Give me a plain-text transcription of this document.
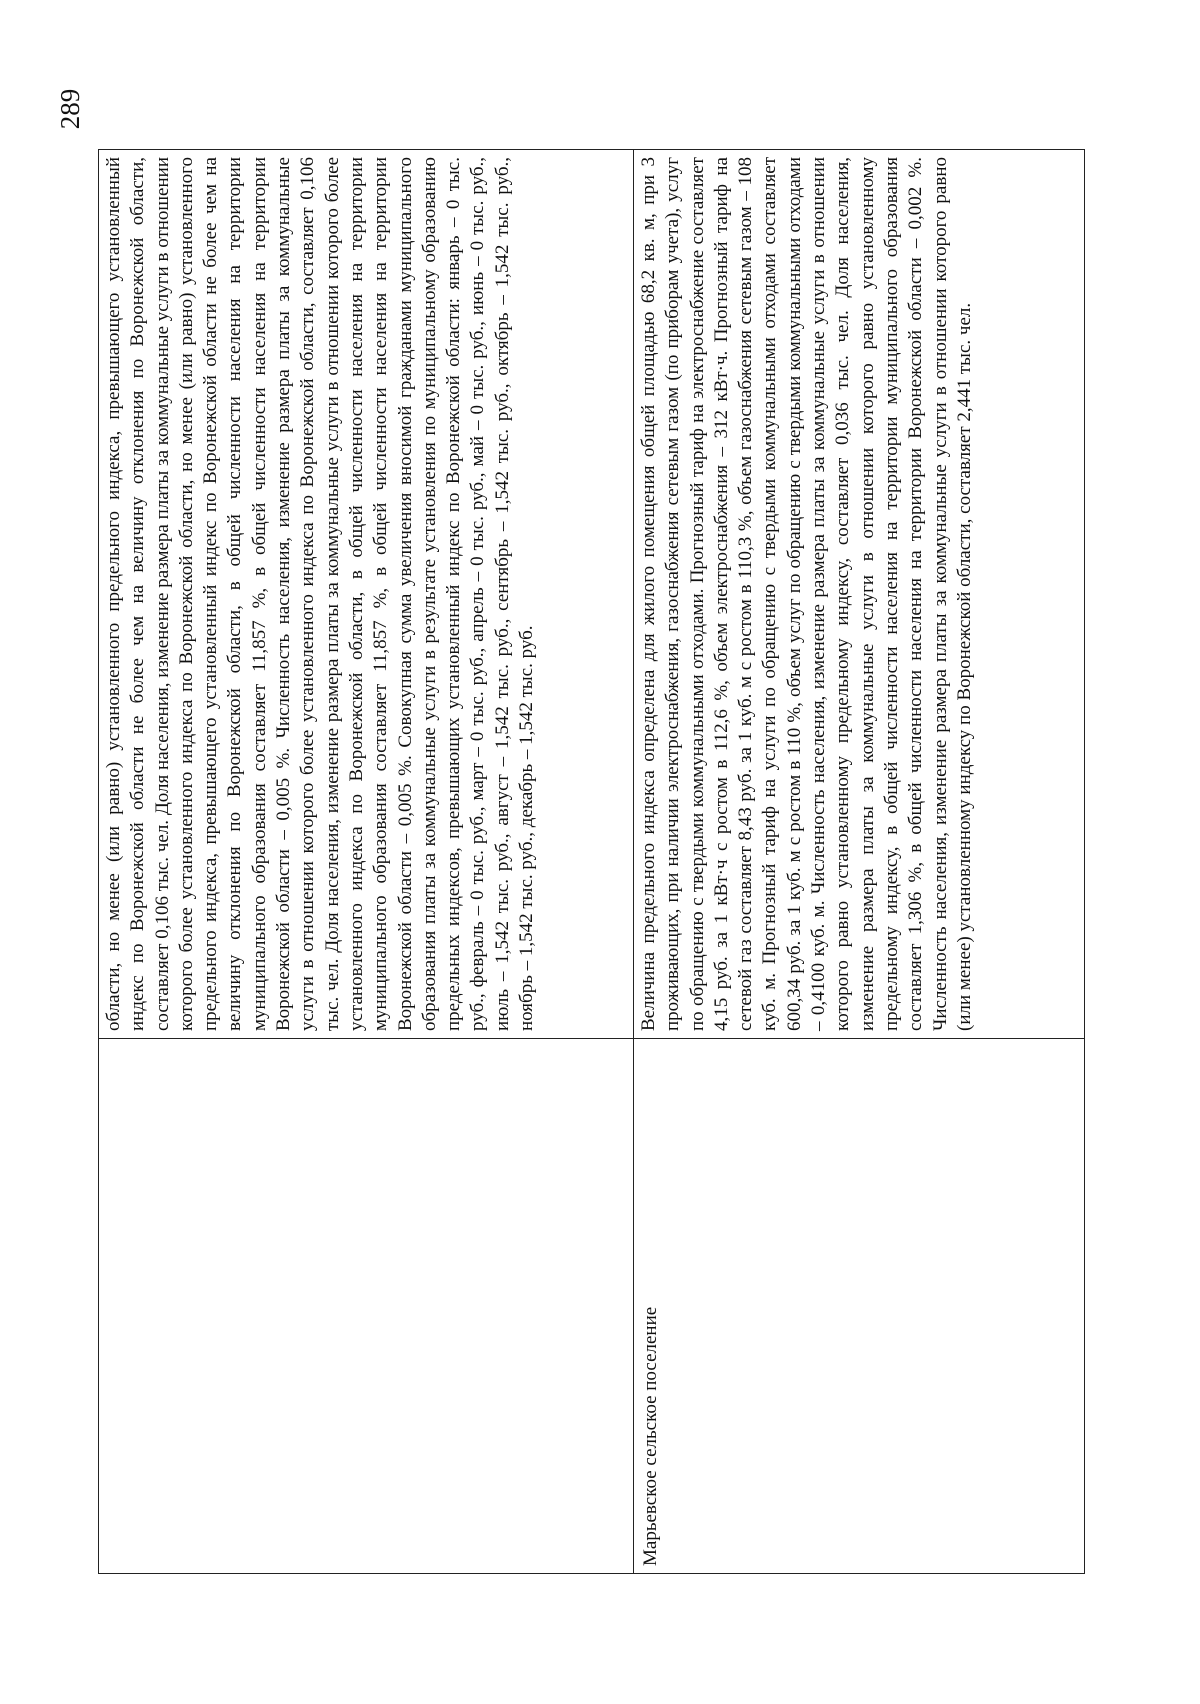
289
	области, но менее (или равно) установленного предельного индекса, превышающего установленный индекс по Воронежской области не более чем на величину отклонения по Воронежской области, составляет 0,106 тыс. чел. Доля населения, изменение размера платы за коммунальные услуги в отношении которого более установленного индекса по Воронежской области, но менее (или равно) установленного предельного индекса, превышающего установленный индекс по Воронежской области не более чем на величину отклонения по Воронежской области, в общей численности населения на территории муниципального образования составляет 11,857 %, в общей численности населения на территории Воронежской области – 0,005 %. Численность населения, изменение размера платы за коммунальные услуги в отношении которого более установленного индекса по Воронежской области, составляет 0,106 тыс. чел. Доля населения, изменение размера платы за коммунальные услуги в отношении которого более установленного индекса по Воронежской области, в общей численности населения на территории муниципального образования составляет 11,857 %, в общей численности населения на территории Воронежской области – 0,005 %. Совокупная сумма увеличения вносимой гражданами муниципального образования платы за коммунальные услуги в результате установления по муниципальному образованию предельных индексов, превышающих установленный индекс по Воронежской области: январь – 0 тыс. руб., февраль – 0 тыс. руб., март – 0 тыс. руб., апрель – 0 тыс. руб., май – 0 тыс. руб., июнь – 0 тыс. руб., июль – 1,542 тыс. руб., август – 1,542 тыс. руб., сентябрь – 1,542 тыс. руб., октябрь – 1,542 тыс. руб., ноябрь – 1,542 тыс. руб., декабрь – 1,542 тыс. руб.
Марьевское сельское поселение	Величина предельного индекса определена для жилого помещения общей площадью 68,2 кв. м, при 3 проживающих, при наличии электроснабжения, газоснабжения сетевым газом (по приборам учета), услуг по обращению с твердыми коммунальными отходами. Прогнозный тариф на электроснабжение составляет 4,15 руб. за 1 кВт·ч с ростом в 112,6 %, объем электроснабжения – 312 кВт·ч. Прогнозный тариф на сетевой газ составляет 8,43 руб. за 1 куб. м с ростом в 110,3 %, объем газоснабжения сетевым газом – 108 куб. м. Прогнозный тариф на услуги по обращению с твердыми коммунальными отходами составляет 600,34 руб. за 1 куб. м с ростом в 110 %, объем услуг по обращению с твердыми коммунальными отходами – 0,4100 куб. м. Численность населения, изменение размера платы за коммунальные услуги в отношении которого равно установленному предельному индексу, составляет 0,036 тыс. чел. Доля населения, изменение размера платы за коммунальные услуги в отношении которого равно установленному предельному индексу, в общей численности населения на территории муниципального образования составляет 1,306 %, в общей численности населения на территории Воронежской области – 0,002 %. Численность населения, изменение размера платы за коммунальные услуги в отношении которого равно (или менее) установленному индексу по Воронежской области, составляет 2,441 тыс. чел.
